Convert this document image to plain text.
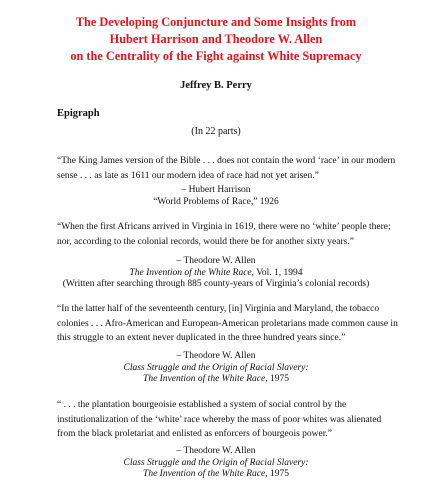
The Developing Conjuncture and Some Insights from
Hubert Harrison and Theodore W. Allen
on the Centrality of the Fight against White Supremacy
Jeffrey B. Perry
Epigraph
(In 22 parts)
“The King James version of the Bible . . . does not contain the word ‘race’ in our modern
sense . . . as late as 1611 our modern idea of race had not yet arisen.”
– Hubert Harrison
“World Problems of Race,” 1926
“When the first Africans arrived in Virginia in 1619, there were no ‘white’ people there;
nor, according to the colonial records, would there be for another sixty years.”
– Theodore W. Allen
The Invention of the White Race, Vol. 1, 1994
(Written after searching through 885 county-years of Virginia’s colonial records)
“In the latter half of the seventeenth century, [in] Virginia and Maryland, the tobacco
colonies . . . Afro-American and European-American proletarians made common cause in
this struggle to an extent never duplicated in the three hundred years since.”
– Theodore W. Allen
Class Struggle and the Origin of Racial Slavery:
The Invention of the White Race, 1975
“ . . . the plantation bourgeoisie established a system of social control by the
institutionalization of the ‘white’ race whereby the mass of poor whites was alienated
from the black proletariat and enlisted as enforcers of bourgeois power.”
– Theodore W. Allen
Class Struggle and the Origin of Racial Slavery:
The Invention of the White Race, 1975
